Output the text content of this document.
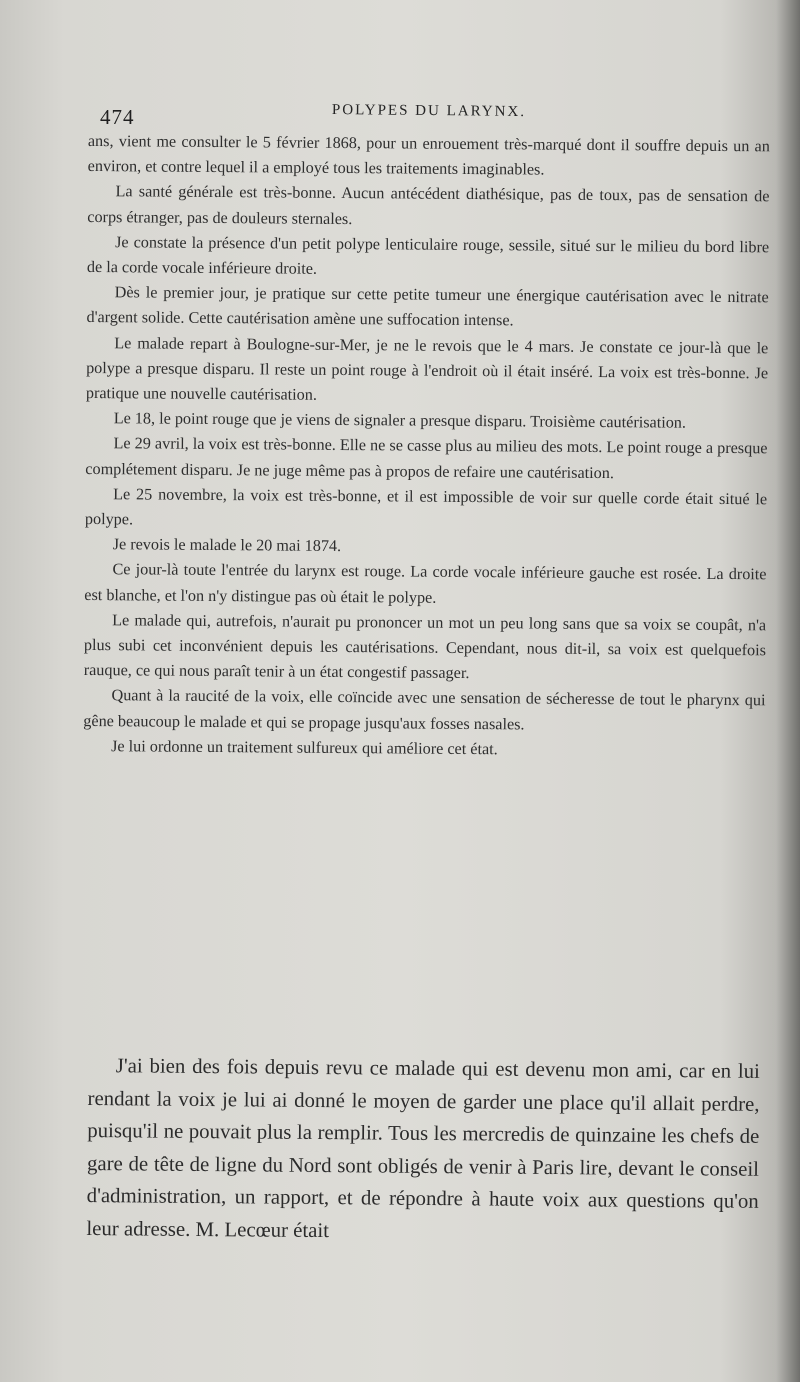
474	POLYPES DU LARYNX.

ans, vient me consulter le 5 février 1868, pour un enrouement très-marqué dont il souffre depuis un an environ, et contre lequel il a employé tous les traitements imaginables.

La santé générale est très-bonne. Aucun antécédent diathésique, pas de toux, pas de sensation de corps étranger, pas de douleurs sternales.

Je constate la présence d'un petit polype lenticulaire rouge, sessile, situé sur le milieu du bord libre de la corde vocale inférieure droite.

Dès le premier jour, je pratique sur cette petite tumeur une énergique cautérisation avec le nitrate d'argent solide. Cette cautérisation amène une suffocation intense.

Le malade repart à Boulogne-sur-Mer, je ne le revois que le 4 mars. Je constate ce jour-là que le polype a presque disparu. Il reste un point rouge à l'endroit où il était inséré. La voix est très-bonne. Je pratique une nouvelle cautérisation.

Le 18, le point rouge que je viens de signaler a presque disparu. Troisième cautérisation.

Le 29 avril, la voix est très-bonne. Elle ne se casse plus au milieu des mots. Le point rouge a presque complétement disparu. Je ne juge même pas à propos de refaire une cautérisation.

Le 25 novembre, la voix est très-bonne, et il est impossible de voir sur quelle corde était situé le polype.

Je revois le malade le 20 mai 1874.

Ce jour-là toute l'entrée du larynx est rouge. La corde vocale inférieure gauche est rosée. La droite est blanche, et l'on n'y distingue pas où était le polype.

Le malade qui, autrefois, n'aurait pu prononcer un mot un peu long sans que sa voix se coupât, n'a plus subi cet inconvénient depuis les cautérisations. Cependant, nous dit-il, sa voix est quelquefois rauque, ce qui nous paraît tenir à un état congestif passager.

Quant à la raucité de la voix, elle coïncide avec une sensation de sécheresse de tout le pharynx qui gêne beaucoup le malade et qui se propage jusqu'aux fosses nasales.

Je lui ordonne un traitement sulfureux qui améliore cet état.

J'ai bien des fois depuis revu ce malade qui est devenu mon ami, car en lui rendant la voix je lui ai donné le moyen de garder une place qu'il allait perdre, puisqu'il ne pouvait plus la remplir. Tous les mercredis de quinzaine les chefs de gare de tête de ligne du Nord sont obligés de venir à Paris lire, devant le conseil d'administration, un rapport, et de répondre à haute voix aux questions qu'on leur adresse. M. Lecœur était
